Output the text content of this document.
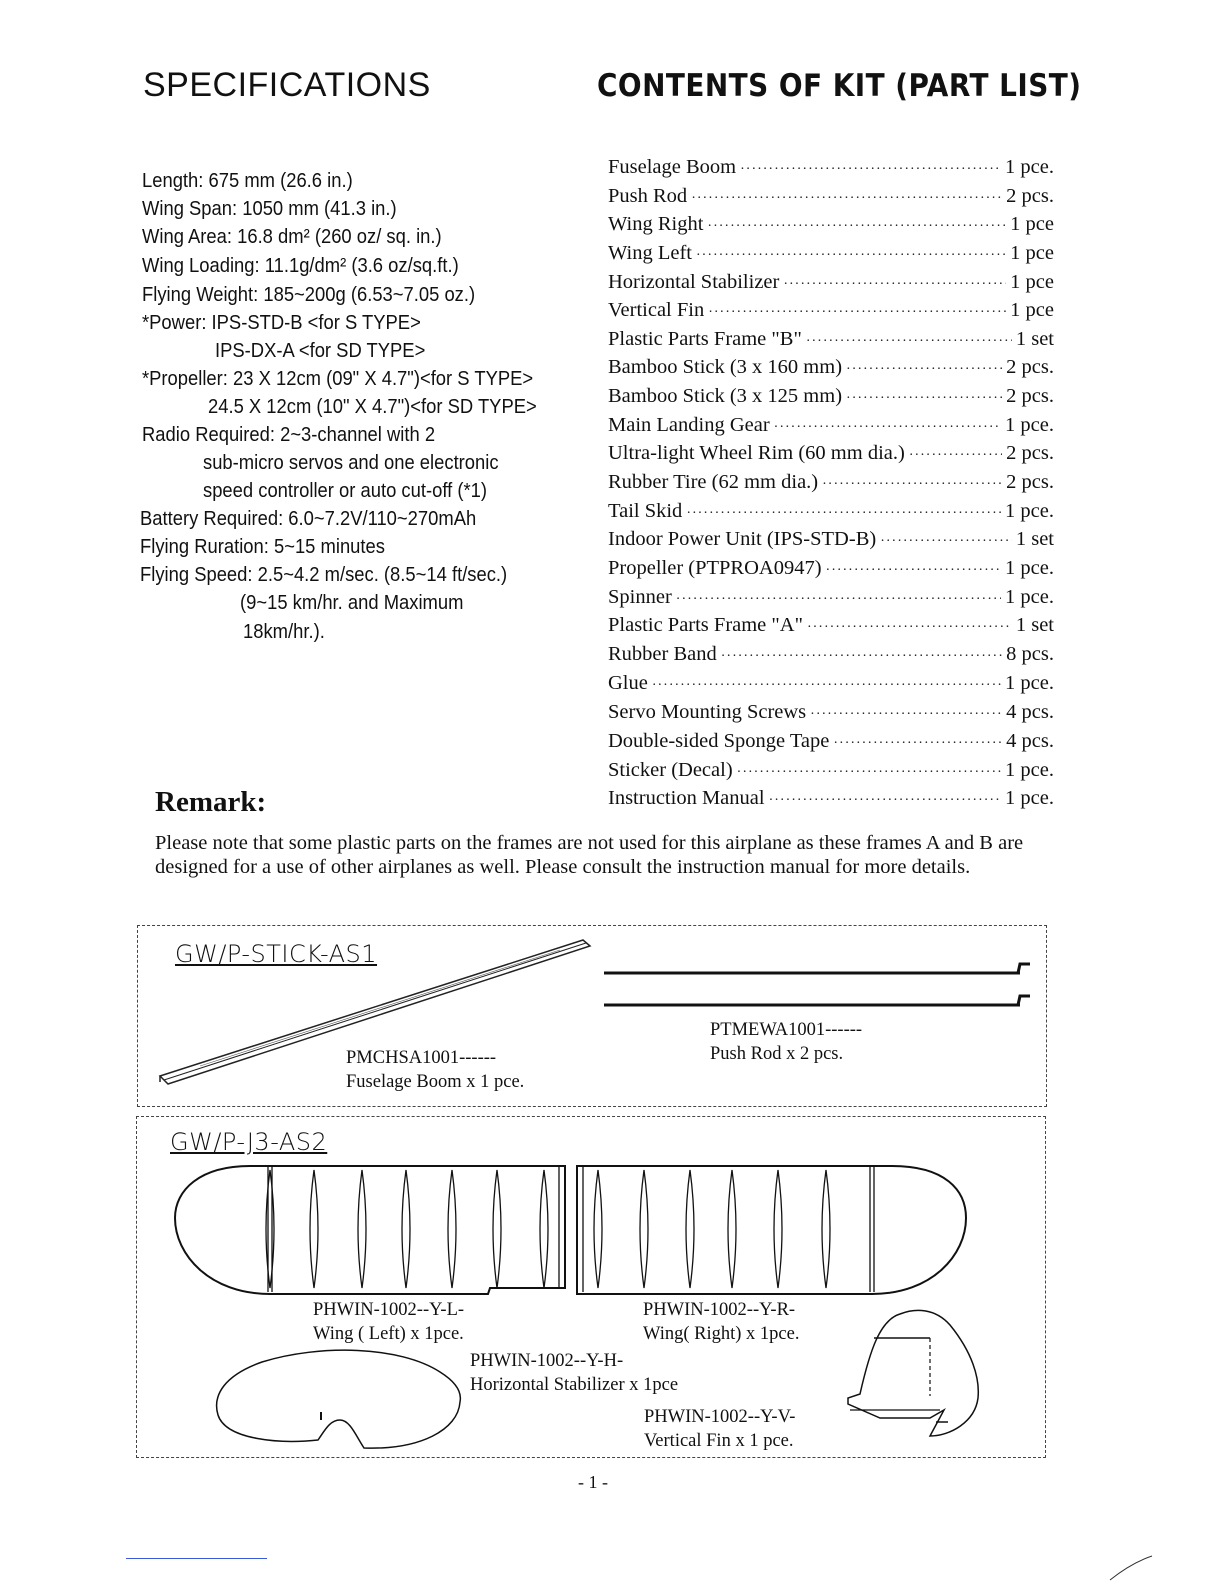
SPECIFICATIONS	CONTENTS OF KIT (PART LIST)
Length: 675 mm (26.6 in.)
Wing Span: 1050 mm (41.3 in.)
Wing Area: 16.8 dm² (260 oz/ sq. in.)
Wing Loading: 11.1g/dm² (3.6 oz/sq.ft.)
Flying Weight: 185~200g (6.53~7.05 oz.)
*Power: IPS-STD-B <for S TYPE>
IPS-DX-A <for SD TYPE>
*Propeller: 23 X 12cm (09" X 4.7")<for S TYPE>
24.5 X 12cm (10" X 4.7")<for SD TYPE>
Radio Required: 2~3-channel with 2
sub-micro servos and one electronic
speed controller or auto cut-off (*1)
Battery Required: 6.0~7.2V/110~270mAh
Flying Ruration: 5~15 minutes
Flying Speed: 2.5~4.2 m/sec. (8.5~14 ft/sec.)
(9~15 km/hr. and Maximum
18km/hr.).
Fuselage Boom ·····	1 pce.
Push Rod ·····	2 pcs.
Wing Right ·····	1 pce
Wing Left ·····	1 pce
Horizontal Stabilizer ·····	1 pce
Vertical Fin ·····	1 pce
Plastic Parts Frame "B" ·····	1 set
Bamboo Stick (3 x 160 mm) ·····	2 pcs.
Bamboo Stick (3 x 125 mm) ·····	2 pcs.
Main Landing Gear ·····	1 pce.
Ultra-light Wheel Rim (60 mm dia.) ·····	2 pcs.
Rubber Tire (62 mm dia.) ·····	2 pcs.
Tail Skid ·····	1 pce.
Indoor Power Unit (IPS-STD-B) ·····	1 set
Propeller (PTPROA0947) ·····	1 pce.
Spinner ·····	1 pce.
Plastic Parts Frame "A" ·····	1 set
Rubber Band ·····	8 pcs.
Glue ·····	1 pce.
Servo Mounting Screws ·····	4 pcs.
Double-sided Sponge Tape ·····	4 pcs.
Sticker (Decal) ·····	1 pce.
Instruction Manual ·····	1 pce.
Remark:
Please note that some plastic parts on the frames are not used for this airplane as these frames A and B are designed for a use of other airplanes as well. Please consult the instruction manual for more details.
GW/P-STICK-AS1
PMCHSA1001------
Fuselage Boom x 1 pce.
PTMEWA1001------
Push Rod x 2 pcs.
GW/P-J3-AS2
PHWIN-1002--Y-L-
Wing ( Left) x 1pce.
PHWIN-1002--Y-R-
Wing( Right) x 1pce.
PHWIN-1002--Y-H-
Horizontal Stabilizer x 1pce
PHWIN-1002--Y-V-
Vertical Fin x 1 pce.
- 1 -
